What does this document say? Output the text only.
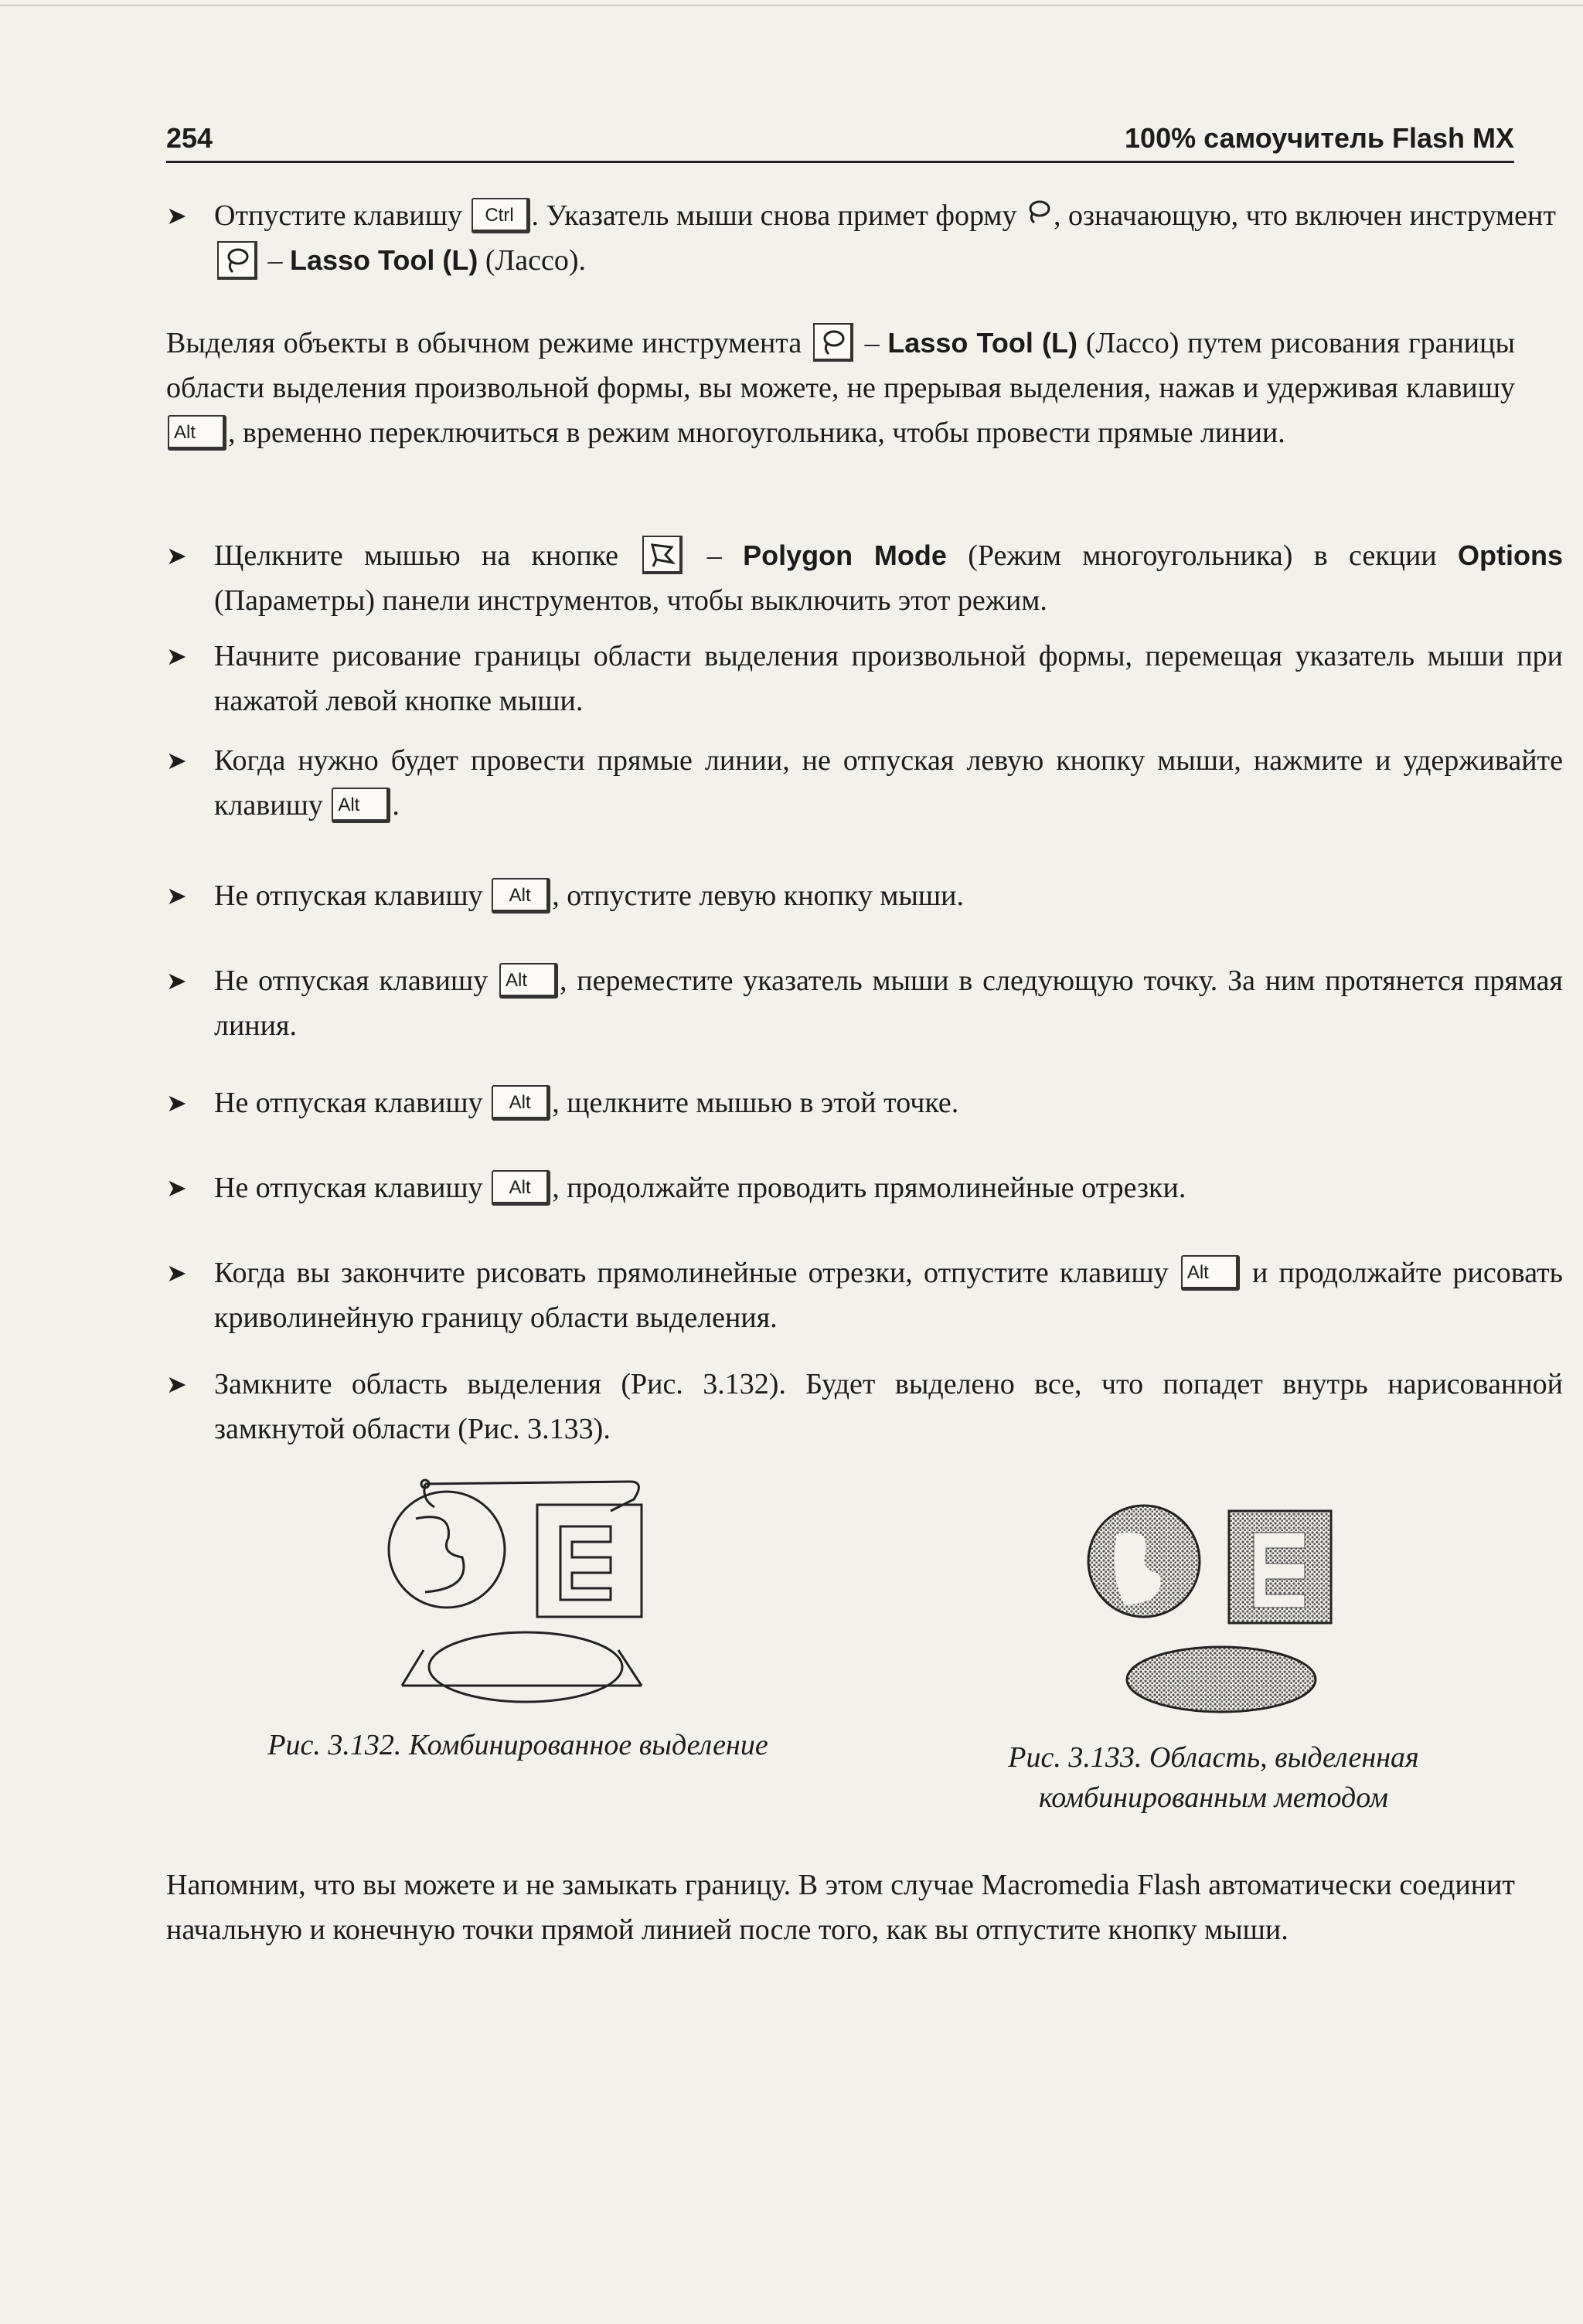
254	100% самоучитель Flash MX
➤ Отпустите клавишу Ctrl . Указатель мыши снова примет форму , означающую, что включен инструмент
– Lasso Tool (L) (Лассо).
Выделяя объекты в обычном режиме инструмента
– Lasso Tool (L) (Лассо) путем рисования границы области выделения произвольной формы, вы можете, не прерывая выделения, нажав и удерживая клавишу Alt , временно переключиться в режим многоугольника, чтобы провести прямые линии.
➤ Щелкните мышью на кнопке
– Polygon Mode (Режим многоугольника) в секции Options (Параметры) панели инструментов, чтобы выключить этот режим.
➤ Начните рисование границы области выделения произвольной формы, перемещая указатель мыши при нажатой левой кнопке мыши.
➤ Когда нужно будет провести прямые линии, не отпуская левую кнопку мыши, нажмите и удерживайте клавишу Alt .
➤ Не отпуская клавишу Alt , отпустите левую кнопку мыши.
➤ Не отпуская клавишу Alt , переместите указатель мыши в следующую точку. За ним протянется прямая линия.
➤ Не отпуская клавишу Alt , щелкните мышью в этой точке.
➤ Не отпуская клавишу Alt , продолжайте проводить прямолинейные отрезки.
➤ Когда вы закончите рисовать прямолинейные отрезки, отпустите клавишу Alt и продолжайте рисовать криволинейную границу области выделения.
➤ Замкните область выделения (Рис. 3.132). Будет выделено все, что попадет внутрь нарисованной замкнутой области (Рис. 3.133).
Рис. 3.132. Комбинированное выделение	Рис. 3.133. Область, выделенная
комбинированным методом
Напомним, что вы можете и не замыкать границу. В этом случае Macromedia Flash автоматически соединит начальную и конечную точки прямой линией после того, как вы отпустите кнопку мыши.
